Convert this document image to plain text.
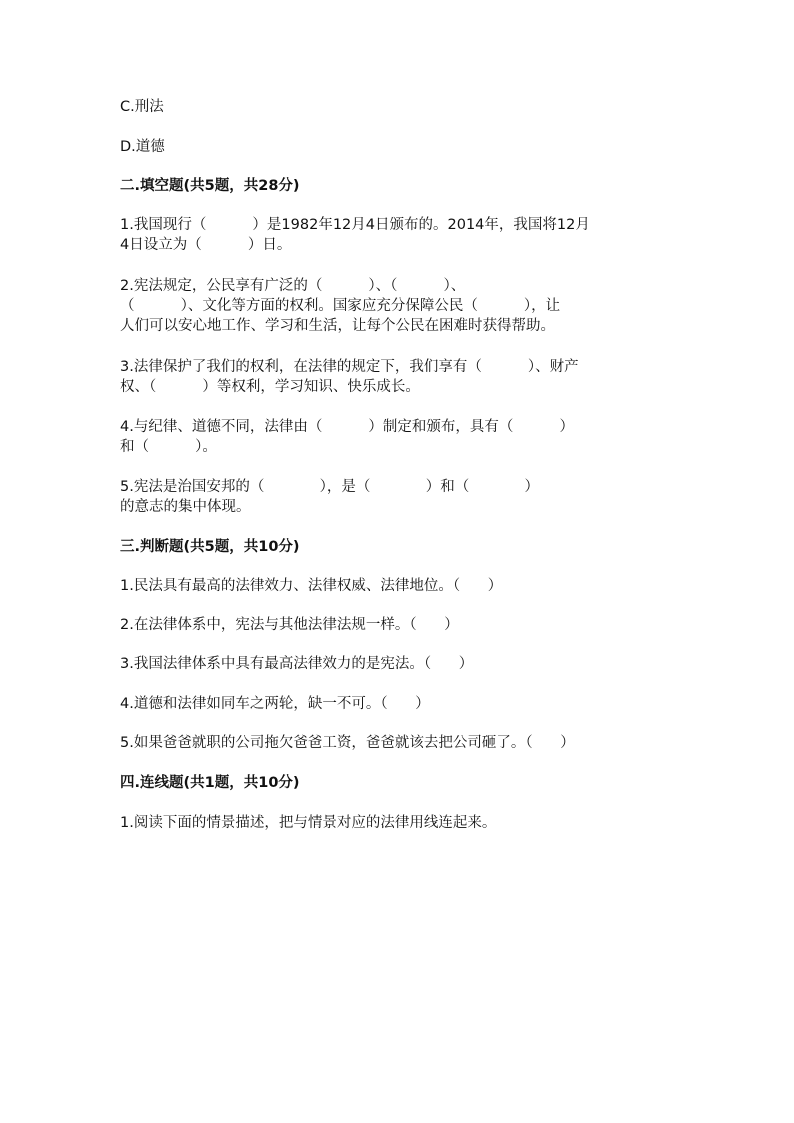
C.刑法
D.道德
二.填空题(共5题，共28分)
1.我国现行（          ）是1982年12月4日颁布的。2014年，我国将12月
4日设立为（          ）日。
2.宪法规定，公民享有广泛的（          ）、（          ）、
（          ）、文化等方面的权利。国家应充分保障公民（          ），让
人们可以安心地工作、学习和生活，让每个公民在困难时获得帮助。
3.法律保护了我们的权利，在法律的规定下，我们享有（          ）、财产
权、（          ）等权利，学习知识、快乐成长。
4.与纪律、道德不同，法律由（          ）制定和颁布，具有（          ）
和（          ）。
5.宪法是治国安邦的（            ），是（            ）和（            ）
的意志的集中体现。
三.判断题(共5题，共10分)
1.民法具有最高的法律效力、法律权威、法律地位。（      ）
2.在法律体系中，宪法与其他法律法规一样。（      ）
3.我国法律体系中具有最高法律效力的是宪法。（      ）
4.道德和法律如同车之两轮，缺一不可。（      ）
5.如果爸爸就职的公司拖欠爸爸工资，爸爸就该去把公司砸了。（      ）
四.连线题(共1题，共10分)
1.阅读下面的情景描述，把与情景对应的法律用线连起来。
